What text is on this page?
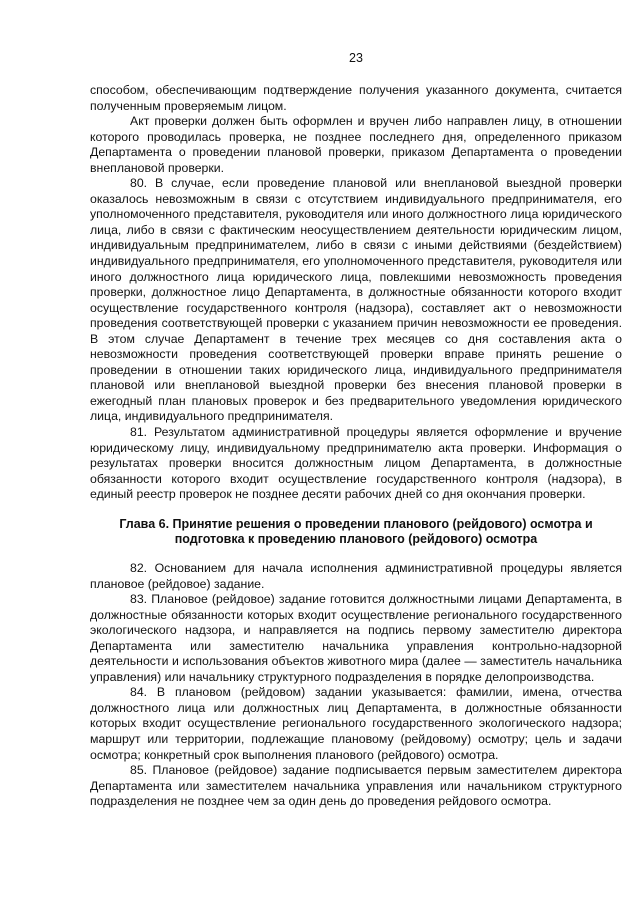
23

способом, обеспечивающим подтверждение получения указанного документа, считается полученным проверяемым лицом.

Акт проверки должен быть оформлен и вручен либо направлен лицу, в отношении которого проводилась проверка, не позднее последнего дня, определенного приказом Департамента о проведении плановой проверки, приказом Департамента о проведении внеплановой проверки.

80. В случае, если проведение плановой или внеплановой выездной проверки оказалось невозможным в связи с отсутствием индивидуального предпринимателя, его уполномоченного представителя, руководителя или иного должностного лица юридического лица, либо в связи с фактическим неосуществлением деятельности юридическим лицом, индивидуальным предпринимателем, либо в связи с иными действиями (бездействием) индивидуального предпринимателя, его уполномоченного представителя, руководителя или иного должностного лица юридического лица, повлекшими невозможность проведения проверки, должностное лицо Департамента, в должностные обязанности которого входит осуществление государственного контроля (надзора), составляет акт о невозможности проведения соответствующей проверки с указанием причин невозможности ее проведения. В этом случае Департамент в течение трех месяцев со дня составления акта о невозможности проведения соответствующей проверки вправе принять решение о проведении в отношении таких юридического лица, индивидуального предпринимателя плановой или внеплановой выездной проверки без внесения плановой проверки в ежегодный план плановых проверок и без предварительного уведомления юридического лица, индивидуального предпринимателя.

81. Результатом административной процедуры является оформление и вручение юридическому лицу, индивидуальному предпринимателю акта проверки. Информация о результатах проверки вносится должностным лицом Департамента, в должностные обязанности которого входит осуществление государственного контроля (надзора), в единый реестр проверок не позднее десяти рабочих дней со дня окончания проверки.

Глава 6. Принятие решения о проведении планового (рейдового) осмотра и подготовка к проведению планового (рейдового) осмотра

82. Основанием для начала исполнения административной процедуры является плановое (рейдовое) задание.

83. Плановое (рейдовое) задание готовится должностными лицами Департамента, в должностные обязанности которых входит осуществление регионального государственного экологического надзора, и направляется на подпись первому заместителю директора Департамента или заместителю начальника управления контрольно-надзорной деятельности и использования объектов животного мира (далее — заместитель начальника управления) или начальнику структурного подразделения в порядке делопроизводства.

84. В плановом (рейдовом) задании указывается: фамилии, имена, отчества должностного лица или должностных лиц Департамента, в должностные обязанности которых входит осуществление регионального государственного экологического надзора; маршрут или территории, подлежащие плановому (рейдовому) осмотру; цель и задачи осмотра; конкретный срок выполнения планового (рейдового) осмотра.

85. Плановое (рейдовое) задание подписывается первым заместителем директора Департамента или заместителем начальника управления или начальником структурного подразделения не позднее чем за один день до проведения рейдового осмотра.
